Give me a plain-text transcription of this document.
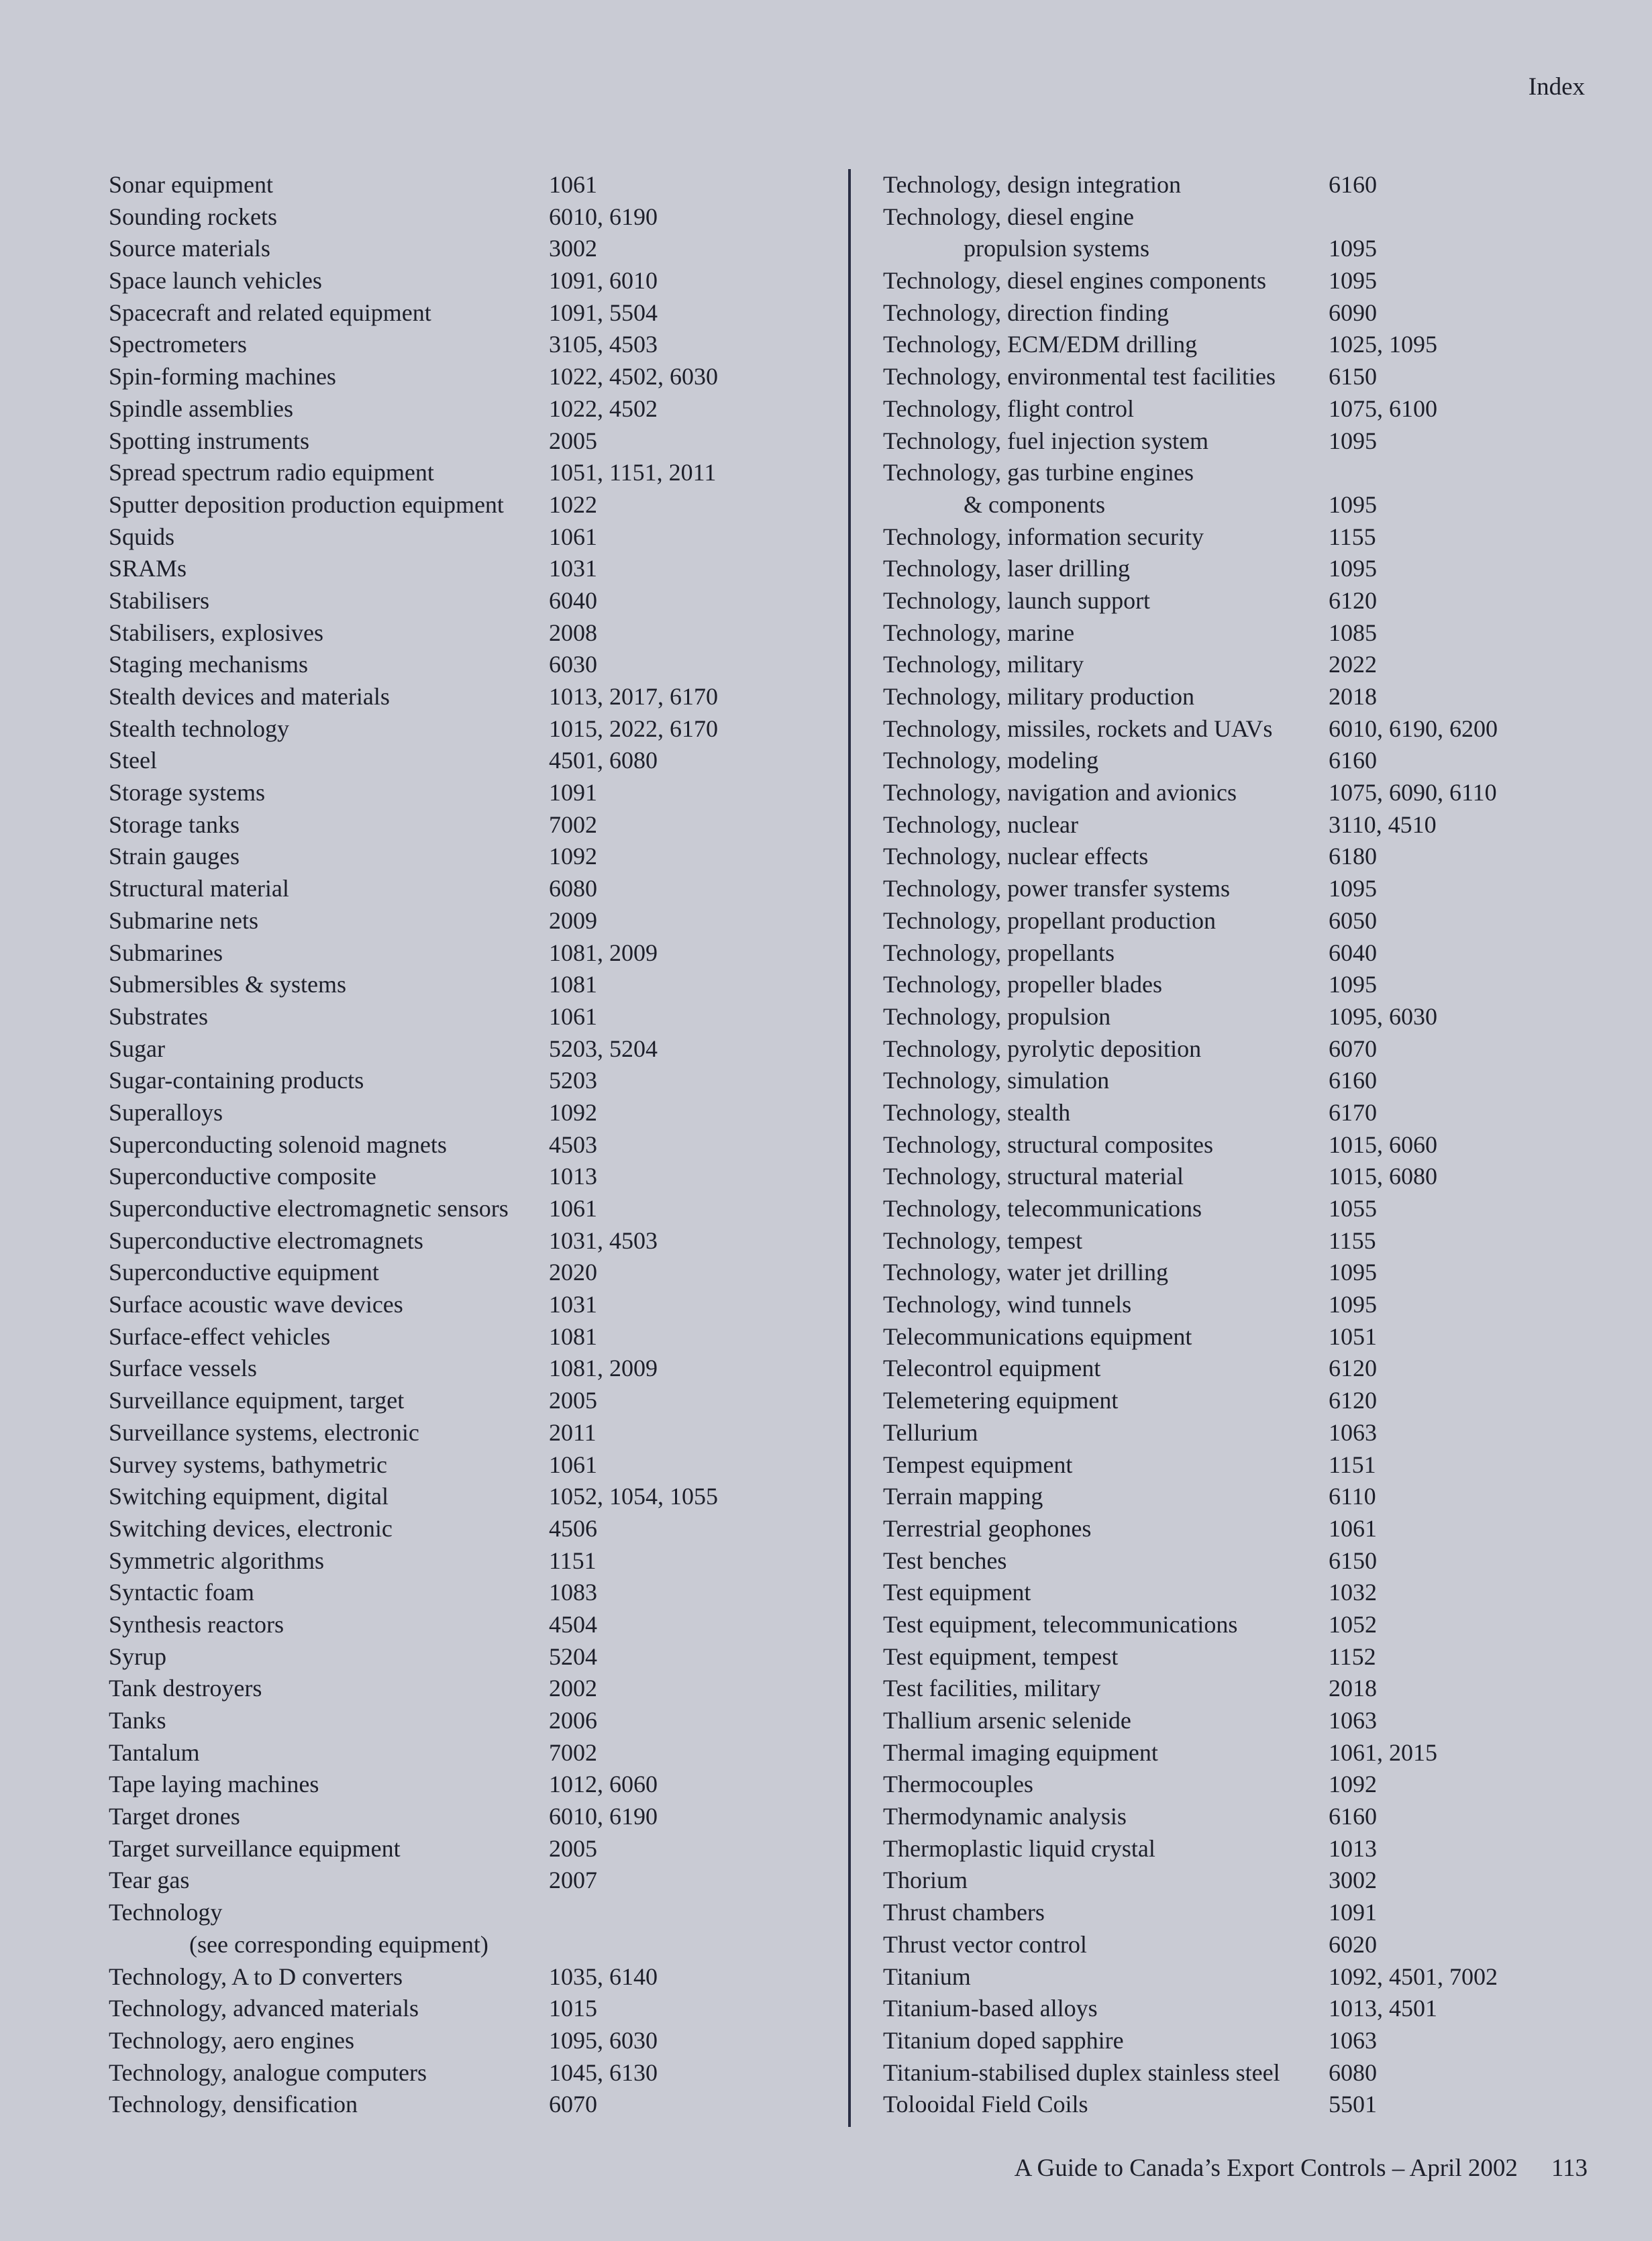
Index
Sonar equipment	1061
Sounding rockets	6010, 6190
Source materials	3002
Space launch vehicles	1091, 6010
Spacecraft and related equipment	1091, 5504
Spectrometers	3105, 4503
Spin-forming machines	1022, 4502, 6030
Spindle assemblies	1022, 4502
Spotting instruments	2005
Spread spectrum radio equipment	1051, 1151, 2011
Sputter deposition production equipment 1022
Squids	1061
SRAMs	1031
Stabilisers	6040
Stabilisers, explosives	2008
Staging mechanisms	6030
Stealth devices and materials	1013, 2017, 6170
Stealth technology	1015, 2022, 6170
Steel	4501, 6080
Storage systems	1091
Storage tanks	7002
Strain gauges	1092
Structural material	6080
Submarine nets	2009
Submarines	1081, 2009
Submersibles & systems	1081
Substrates	1061
Sugar	5203, 5204
Sugar-containing products	5203
Superalloys	1092
Superconducting solenoid magnets	4503
Superconductive composite	1013
Superconductive electromagnetic sensors 1061
Superconductive electromagnets	1031, 4503
Superconductive equipment	2020
Surface acoustic wave devices	1031
Surface-effect vehicles	1081
Surface vessels	1081, 2009
Surveillance equipment, target	2005
Surveillance systems, electronic	2011
Survey systems, bathymetric	1061
Switching equipment, digital	1052, 1054, 1055
Switching devices, electronic	4506
Symmetric algorithms	1151
Syntactic foam	1083
Synthesis reactors	4504
Syrup	5204
Tank destroyers	2002
Tanks	2006
Tantalum	7002
Tape laying machines	1012, 6060
Target drones	6010, 6190
Target surveillance equipment	2005
Tear gas	2007
Technology
(see corresponding equipment)
Technology, A to D converters	1035, 6140
Technology, advanced materials	1015
Technology, aero engines	1095, 6030
Technology, analogue computers	1045, 6130
Technology, densification	6070
Technology, design integration	6160
Technology, diesel engine
propulsion systems	1095
Technology, diesel engines components	1095
Technology, direction finding	6090
Technology, ECM/EDM drilling	1025, 1095
Technology, environmental test facilities 6150
Technology, flight control	1075, 6100
Technology, fuel injection system	1095
Technology, gas turbine engines
& components	1095
Technology, information security	1155
Technology, laser drilling	1095
Technology, launch support	6120
Technology, marine	1085
Technology, military	2022
Technology, military production	2018
Technology, missiles, rockets and UAVs 6010, 6190, 6200
Technology, modeling	6160
Technology, navigation and avionics	1075, 6090, 6110
Technology, nuclear	3110, 4510
Technology, nuclear effects	6180
Technology, power transfer systems	1095
Technology, propellant production	6050
Technology, propellants	6040
Technology, propeller blades	1095
Technology, propulsion	1095, 6030
Technology, pyrolytic deposition	6070
Technology, simulation	6160
Technology, stealth	6170
Technology, structural composites	1015, 6060
Technology, structural material	1015, 6080
Technology, telecommunications	1055
Technology, tempest	1155
Technology, water jet drilling	1095
Technology, wind tunnels	1095
Telecommunications equipment	1051
Telecontrol equipment	6120
Telemetering equipment	6120
Tellurium	1063
Tempest equipment	1151
Terrain mapping	6110
Terrestrial geophones	1061
Test benches	6150
Test equipment	1032
Test equipment, telecommunications	1052
Test equipment, tempest	1152
Test facilities, military	2018
Thallium arsenic selenide	1063
Thermal imaging equipment	1061, 2015
Thermocouples	1092
Thermodynamic analysis	6160
Thermoplastic liquid crystal	1013
Thorium	3002
Thrust chambers	1091
Thrust vector control	6020
Titanium	1092, 4501, 7002
Titanium-based alloys	1013, 4501
Titanium doped sapphire	1063
Titanium-stabilised duplex stainless steel 6080
Tolooidal Field Coils	5501
A Guide to Canada’s Export Controls – April 2002 113
